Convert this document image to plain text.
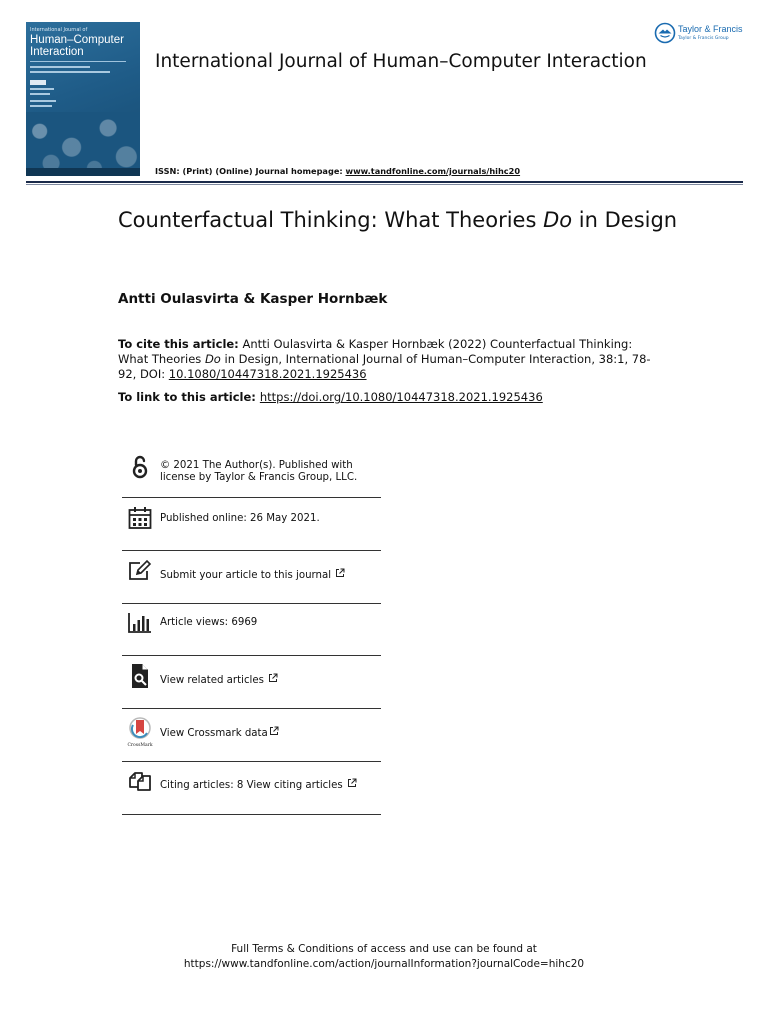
International Journal of
Human–Computer Interaction	International Journal of Human–Computer Interaction
Taylor & Francis
Taylor & Francis Group
ISSN: (Print) (Online) Journal homepage: www.tandfonline.com/journals/hihc20
Counterfactual Thinking: What Theories Do in Design
Antti Oulasvirta & Kasper Hornbæk
To cite this article: Antti Oulasvirta & Kasper Hornbæk (2022) Counterfactual Thinking: What Theories Do in Design, International Journal of Human–Computer Interaction, 38:1, 78-92, DOI: 10.1080/10447318.2021.1925436
To link to this article: https://doi.org/10.1080/10447318.2021.1925436
© 2021 The Author(s). Published with
license by Taylor & Francis Group, LLC.
Published online: 26 May 2021.
Submit your article to this journal
Article views: 6969
View related articles
CrossMark
View Crossmark data
Citing articles: 8 View citing articles
Full Terms & Conditions of access and use can be found at
https://www.tandfonline.com/action/journalInformation?journalCode=hihc20
